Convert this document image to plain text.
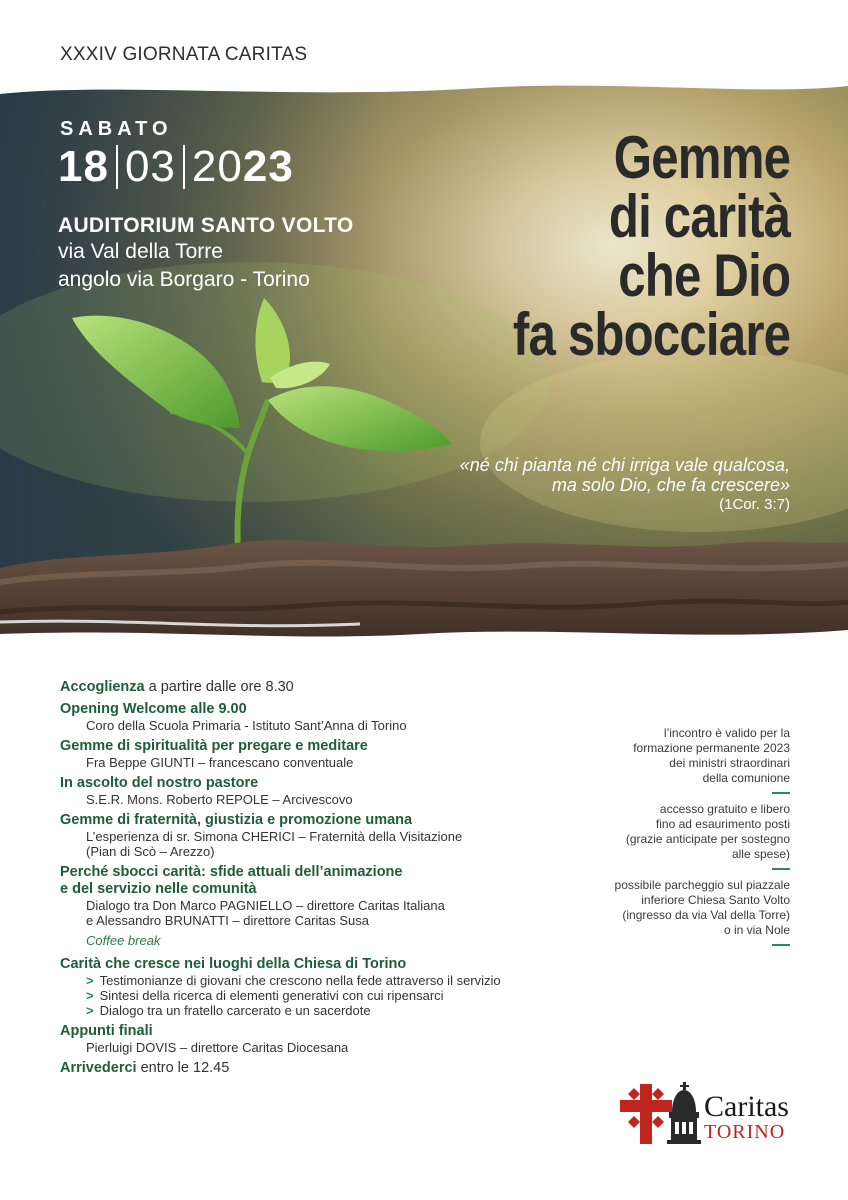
XXXIV GIORNATA CARITAS
SABATO
18 03 20 23
AUDITORIUM SANTO VOLTO
via Val della Torre
angolo via Borgaro - Torino
Gemme
di carità
che Dio
fa sbocciare
«né chi pianta né chi irriga vale qualcosa,
ma solo Dio, che fa crescere»
(1Cor. 3:7)
Accoglienza a partire dalle ore 8.30
Opening Welcome alle 9.00
Coro della Scuola Primaria - Istituto Sant’Anna di Torino
Gemme di spiritualità per pregare e meditare
Fra Beppe GIUNTI – francescano conventuale
In ascolto del nostro pastore
S.E.R. Mons. Roberto REPOLE – Arcivescovo
Gemme di fraternità, giustizia e promozione umana
L’esperienza di sr. Simona CHERICI – Fraternità della Visitazione
(Pian di Scò – Arezzo)
Perché sbocci carità: sfide attuali dell’animazione
e del servizio nelle comunità
Dialogo tra Don Marco PAGNIELLO – direttore Caritas Italiana
e Alessandro BRUNATTI – direttore Caritas Susa
Coffee break
Carità che cresce nei luoghi della Chiesa di Torino
> Testimonianze di giovani che crescono nella fede attraverso il servizio
> Sintesi della ricerca di elementi generativi con cui ripensarci
> Dialogo tra un fratello carcerato e un sacerdote
Appunti finali
Pierluigi DOVIS – direttore Caritas Diocesana
Arrivederci entro le 12.45
l’incontro è valido per la
formazione permanente 2023
dei ministri straordinari
della comunione
accesso gratuito e libero
fino ad esaurimento posti
(grazie anticipate per sostegno
alle spese)
possibile parcheggio sul piazzale
inferiore Chiesa Santo Volto
(ingresso da via Val della Torre)
o in via Nole
Caritas
TORINO
